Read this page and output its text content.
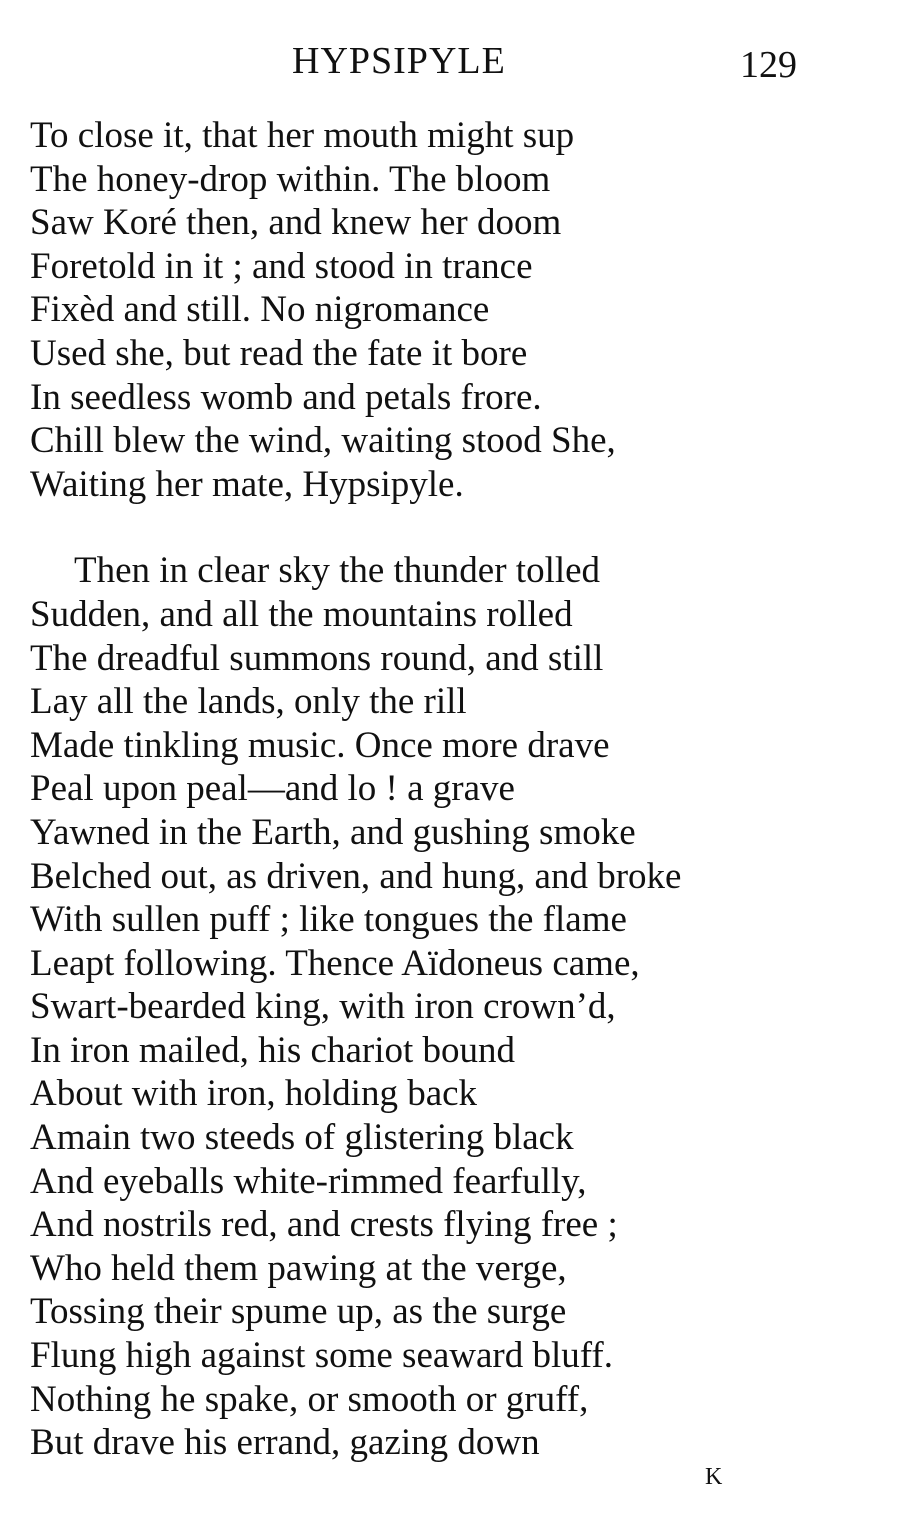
HYPSIPYLE	129
To close it, that her mouth might sup
The honey-drop within. The bloom
Saw Koré then, and knew her doom
Foretold in it ; and stood in trance
Fixèd and still. No nigromance
Used she, but read the fate it bore
In seedless womb and petals frore.
Chill blew the wind, waiting stood She,
Waiting her mate, Hypsipyle.
Then in clear sky the thunder tolled
Sudden, and all the mountains rolled
The dreadful summons round, and still
Lay all the lands, only the rill
Made tinkling music. Once more drave
Peal upon peal—and lo ! a grave
Yawned in the Earth, and gushing smoke
Belched out, as driven, and hung, and broke
With sullen puff ; like tongues the flame
Leapt following. Thence Aïdoneus came,
Swart-bearded king, with iron crown’d,
In iron mailed, his chariot bound
About with iron, holding back
Amain two steeds of glistering black
And eyeballs white-rimmed fearfully,
And nostrils red, and crests flying free ;
Who held them pawing at the verge,
Tossing their spume up, as the surge
Flung high against some seaward bluff.
Nothing he spake, or smooth or gruff,
But drave his errand, gazing down
K
